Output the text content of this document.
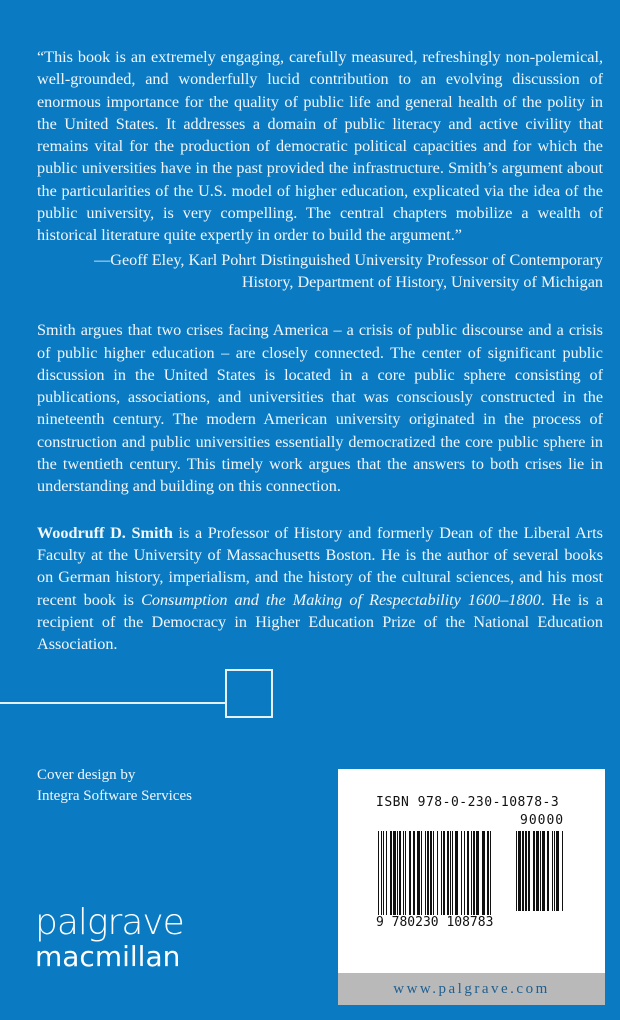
“This book is an extremely engaging, carefully measured, refreshingly non-polemical, well-grounded, and wonderfully lucid contribution to an evolving discussion of enormous importance for the quality of public life and general health of the polity in the United States. It addresses a domain of public literacy and active civility that remains vital for the production of democratic political capacities and for which the public universities have in the past provided the infrastructure. Smith’s argument about the particularities of the U.S. model of higher education, explicated via the idea of the public university, is very compelling. The central chapters mobilize a wealth of historical literature quite expertly in order to build the argument.”

—Geoff Eley, Karl Pohrt Distinguished University Professor of Contemporary
History, Department of History, University of Michigan

Smith argues that two crises facing America – a crisis of public discourse and a crisis of public higher education – are closely connected. The center of significant public discussion in the United States is located in a core public sphere consisting of publications, associations, and universities that was consciously constructed in the nineteenth century. The modern American university originated in the process of construction and public universities essentially democratized the core public sphere in the twentieth century. This timely work argues that the answers to both crises lie in understanding and building on this connection.

Woodruff D. Smith is a Professor of History and formerly Dean of the Liberal Arts Faculty at the University of Massachusetts Boston. He is the author of several books on German history, imperialism, and the history of the cultural sciences, and his most recent book is Consumption and the Making of Respectability 1600–1800. He is a recipient of the Democracy in Higher Education Prize of the National Education Association.

Cover design by
Integra Software Services
palgrave
macmillan
ISBN 978-0-230-10878-3
90000
9 780230 108783
www.palgrave.com
